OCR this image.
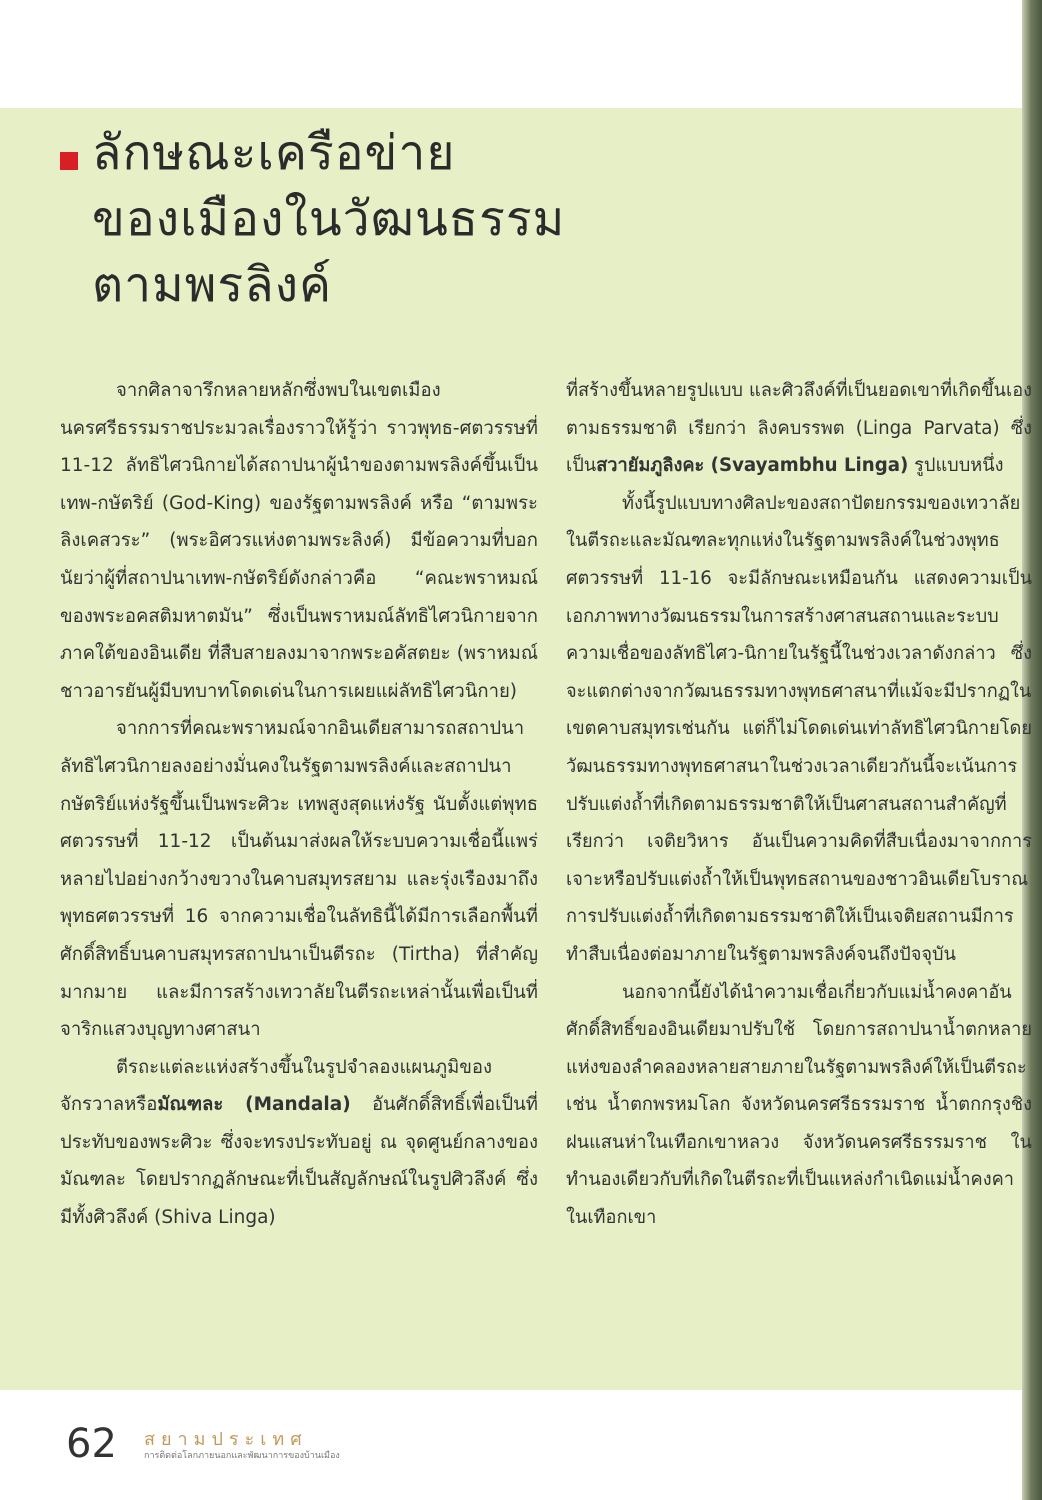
ลักษณะเครือข่าย
ของเมืองในวัฒนธรรม
ตามพรลิงค์

จากศิลาจารึกหลายหลักซึ่งพบในเขตเมืองนครศรีธรรมราชประมวลเรื่องราวให้รู้ว่า ราวพุทธ-ศตวรรษที่ 11-12 ลัทธิไศวนิกายได้สถาปนาผู้นำของตามพรลิงค์ขึ้นเป็นเทพ-กษัตริย์ (God-King) ของรัฐตามพรลิงค์ หรือ “ตามพระลิงเคสวระ” (พระอิศวรแห่งตามพระลิงค์) มีข้อความที่บอกนัยว่าผู้ที่สถาปนาเทพ-กษัตริย์ดังกล่าวคือ “คณะพราหมณ์ของพระอคสติมหาตมัน” ซึ่งเป็นพราหมณ์ลัทธิไศวนิกายจากภาคใต้ของอินเดีย ที่สืบสายลงมาจากพระอคัสตยะ (พราหมณ์ชาวอารยันผู้มีบทบาทโดดเด่นในการเผยแผ่ลัทธิไศวนิกาย)

จากการที่คณะพราหมณ์จากอินเดียสามารถสถาปนาลัทธิไศวนิกายลงอย่างมั่นคงในรัฐตามพรลิงค์และสถาปนากษัตริย์แห่งรัฐขึ้นเป็นพระศิวะ เทพสูงสุดแห่งรัฐ นับตั้งแต่พุทธศตวรรษที่ 11-12 เป็นต้นมาส่งผลให้ระบบความเชื่อนี้แพร่หลายไปอย่างกว้างขวางในคาบสมุทรสยาม และรุ่งเรืองมาถึงพุทธศตวรรษที่ 16 จากความเชื่อในลัทธินี้ได้มีการเลือกพื้นที่ศักดิ์สิทธิ์บนคาบสมุทรสถาปนาเป็นตีรถะ (Tirtha) ที่สำคัญมากมาย และมีการสร้างเทวาลัยในตีรถะเหล่านั้นเพื่อเป็นที่จาริกแสวงบุญทางศาสนา

ตีรถะแต่ละแห่งสร้างขึ้นในรูปจำลองแผนภูมิของจักรวาลหรือมัณฑละ (Mandala) อันศักดิ์สิทธิ์เพื่อเป็นที่ประทับของพระศิวะ ซึ่งจะทรงประทับอยู่ ณ จุดศูนย์กลางของมัณฑละ โดยปรากฏลักษณะที่เป็นสัญลักษณ์ในรูปศิวลึงค์ ซึ่งมีทั้งศิวลึงค์ (Shiva Linga)

ที่สร้างขึ้นหลายรูปแบบ และศิวลึงค์ที่เป็นยอดเขาที่เกิดขึ้นเองตามธรรมชาติ เรียกว่า ลิงคบรรพต (Linga Parvata) ซึ่งเป็นสวายัมภูลิงคะ (Svayambhu Linga) รูปแบบหนึ่ง

ทั้งนี้รูปแบบทางศิลปะของสถาปัตยกรรมของเทวาลัยในตีรถะและมัณฑละทุกแห่งในรัฐตามพรลิงค์ในช่วงพุทธศตวรรษที่ 11-16 จะมีลักษณะเหมือนกัน แสดงความเป็นเอกภาพทางวัฒนธรรมในการสร้างศาสนสถานและระบบความเชื่อของลัทธิไศว-นิกายในรัฐนี้ในช่วงเวลาดังกล่าว ซึ่งจะแตกต่างจากวัฒนธรรมทางพุทธศาสนาที่แม้จะมีปรากฏในเขตคาบสมุทรเช่นกัน แต่ก็ไม่โดดเด่นเท่าลัทธิไศวนิกายโดยวัฒนธรรมทางพุทธศาสนาในช่วงเวลาเดียวกันนี้จะเน้นการปรับแต่งถ้ำที่เกิดตามธรรมชาติให้เป็นศาสนสถานสำคัญที่เรียกว่า เจติยวิหาร อันเป็นความคิดที่สืบเนื่องมาจากการเจาะหรือปรับแต่งถ้ำให้เป็นพุทธสถานของชาวอินเดียโบราณ การปรับแต่งถ้ำที่เกิดตามธรรมชาติให้เป็นเจติยสถานมีการทำสืบเนื่องต่อมาภายในรัฐตามพรลิงค์จนถึงปัจจุบัน

นอกจากนี้ยังได้นำความเชื่อเกี่ยวกับแม่น้ำคงคาอันศักดิ์สิทธิ์ของอินเดียมาปรับใช้ โดยการสถาปนาน้ำตกหลายแห่งของลำคลองหลายสายภายในรัฐตามพรลิงค์ให้เป็นตีรถะ เช่น น้ำตกพรหมโลก จังหวัดนครศรีธรรมราช น้ำตกกรุงชิงฝนแสนห่าในเทือกเขาหลวง จังหวัดนครศรีธรรมราช ในทำนองเดียวกับที่เกิดในตีรถะที่เป็นแหล่งกำเนิดแม่น้ำคงคาในเทือกเขา

62 สยามประเทศ
การติดต่อโลกภายนอกและพัฒนาการของบ้านเมือง
